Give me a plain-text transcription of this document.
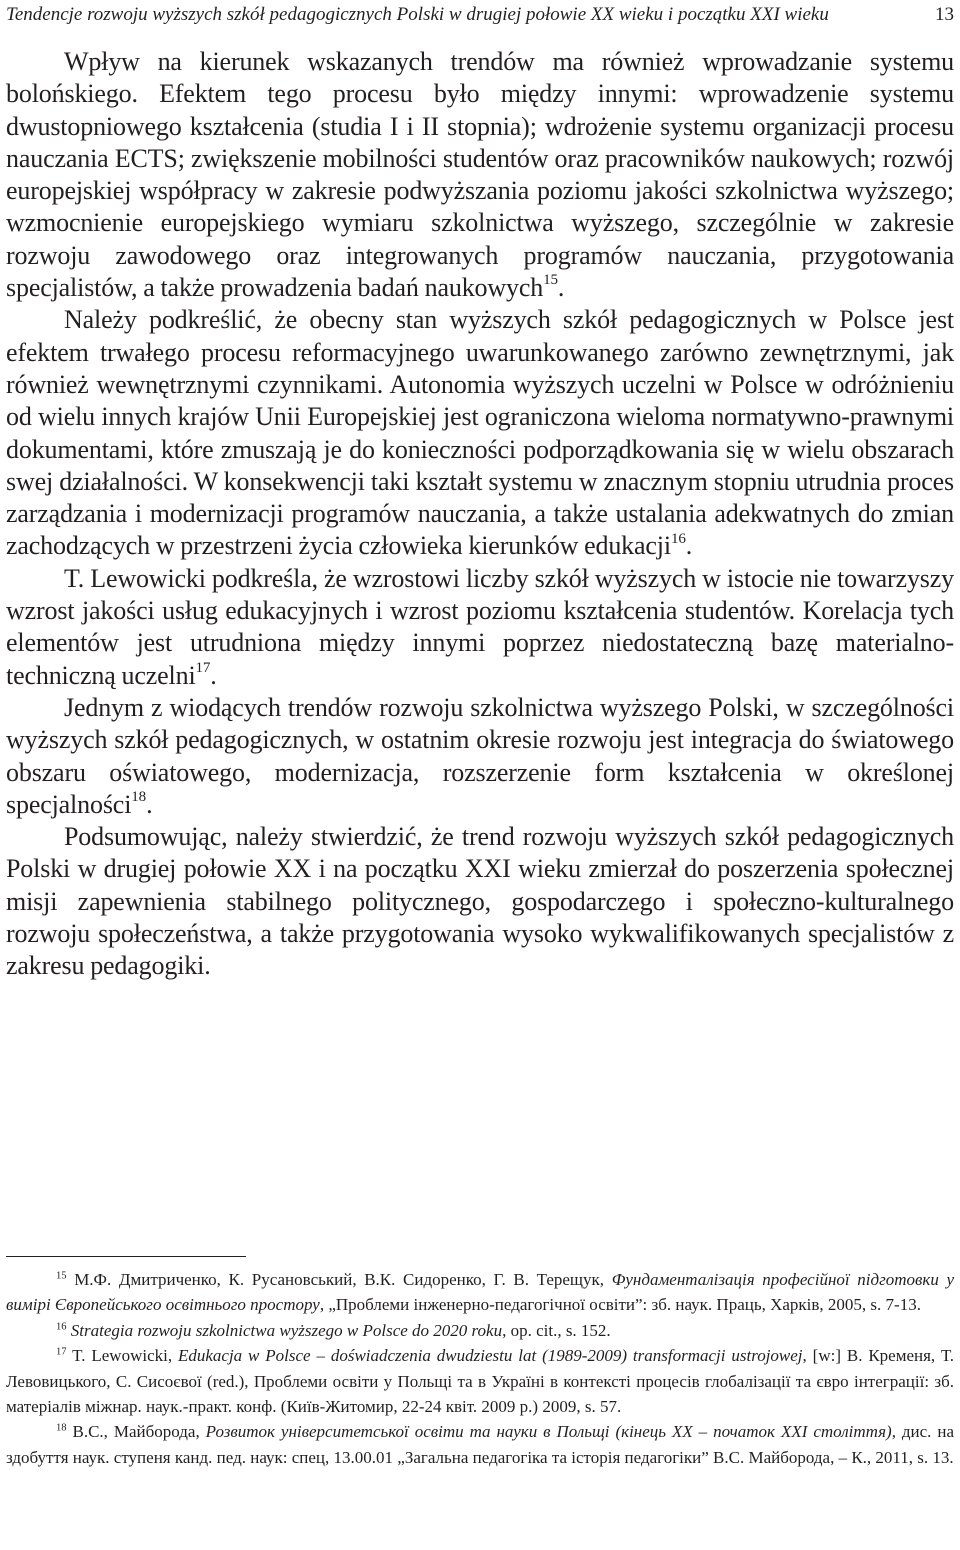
Tendencje rozwoju wyższych szkół pedagogicznych Polski w drugiej połowie XX wieku i początku XXI wieku	13

Wpływ na kierunek wskazanych trendów ma również wprowadzanie systemu bolońskiego. Efektem tego procesu było między innymi: wprowadzenie systemu dwustopniowego kształcenia (studia I i II stopnia); wdrożenie systemu organizacji procesu nauczania ECTS; zwiększenie mobilności studentów oraz pracowników naukowych; rozwój europejskiej współpracy w zakresie podwyższania poziomu jakości szkolnictwa wyższego; wzmocnienie europejskiego wymiaru szkolnictwa wyższego, szczególnie w zakresie rozwoju zawodowego oraz integrowanych programów nauczania, przygotowania specjalistów, a także prowadzenia badań naukowych$^{15}$.

Należy podkreślić, że obecny stan wyższych szkół pedagogicznych w Polsce jest efektem trwałego procesu reformacyjnego uwarunkowanego zarówno zewnętrznymi, jak również wewnętrznymi czynnikami. Autonomia wyższych uczelni w Polsce w odróżnieniu od wielu innych krajów Unii Europejskiej jest ograniczona wieloma normatywno-prawnymi dokumentami, które zmuszają je do konieczności podporządkowania się w wielu obszarach swej działalności. W konsekwencji taki kształt systemu w znacznym stopniu utrudnia proces zarządzania i modernizacji programów nauczania, a także ustalania adekwatnych do zmian zachodzących w przestrzeni życia człowieka kierunków edukacji$^{16}$.

T. Lewowicki podkreśla, że wzrostowi liczby szkół wyższych w istocie nie towarzyszy wzrost jakości usług edukacyjnych i wzrost poziomu kształcenia studentów. Korelacja tych elementów jest utrudniona między innymi poprzez niedostateczną bazę materialno-techniczną uczelni$^{17}$.

Jednym z wiodących trendów rozwoju szkolnictwa wyższego Polski, w szczególności wyższych szkół pedagogicznych, w ostatnim okresie rozwoju jest integracja do światowego obszaru oświatowego, modernizacja, rozszerzenie form kształcenia w określonej specjalności$^{18}$.

Podsumowując, należy stwierdzić, że trend rozwoju wyższych szkół pedagogicznych Polski w drugiej połowie XX i na początku XXI wieku zmierzał do poszerzenia społecznej misji zapewnienia stabilnego politycznego, gospodarczego i społeczno-kulturalnego rozwoju społeczeństwa, a także przygotowania wysoko wykwalifikowanych specjalistów z zakresu pedagogiki.

$^{15}$ М.Ф. Дмитриченко, К. Русановський, В.К. Сидоренко, Г. В. Терещук, Фундаменталізація професійної підготовки у вимірі Європейського освітнього простору, „Проблеми інженерно-педагогічної освіти”: зб. наук. Праць, Харків, 2005, s. 7-13.

$^{16}$ Strategia rozwoju szkolnictwa wyższego w Polsce do 2020 roku, op. cit., s. 152.

$^{17}$ T. Lewowicki, Edukacja w Polsce – doświadczenia dwudziestu lat (1989-2009) transformacji ustrojowej, [w:] В. Кременя, Т. Левовицького, С. Сисоєвої (red.), Проблеми освіти у Польщі та в Україні в контексті процесів глобалізації та євро інтеграції: зб. матеріалів міжнар. наук.-практ. конф. (Київ-Житомир, 22-24 квіт. 2009 р.) 2009, s. 57.

$^{18}$ В.С., Майборода, Розвиток університетської освіти та науки в Польщі (кінець ХХ – початок ХХІ століття), дис. на здобуття наук. ступеня канд. пед. наук: спец, 13.00.01 „Загальна педагогіка та історія педагогіки” В.С. Майборода, – К., 2011, s. 13.
